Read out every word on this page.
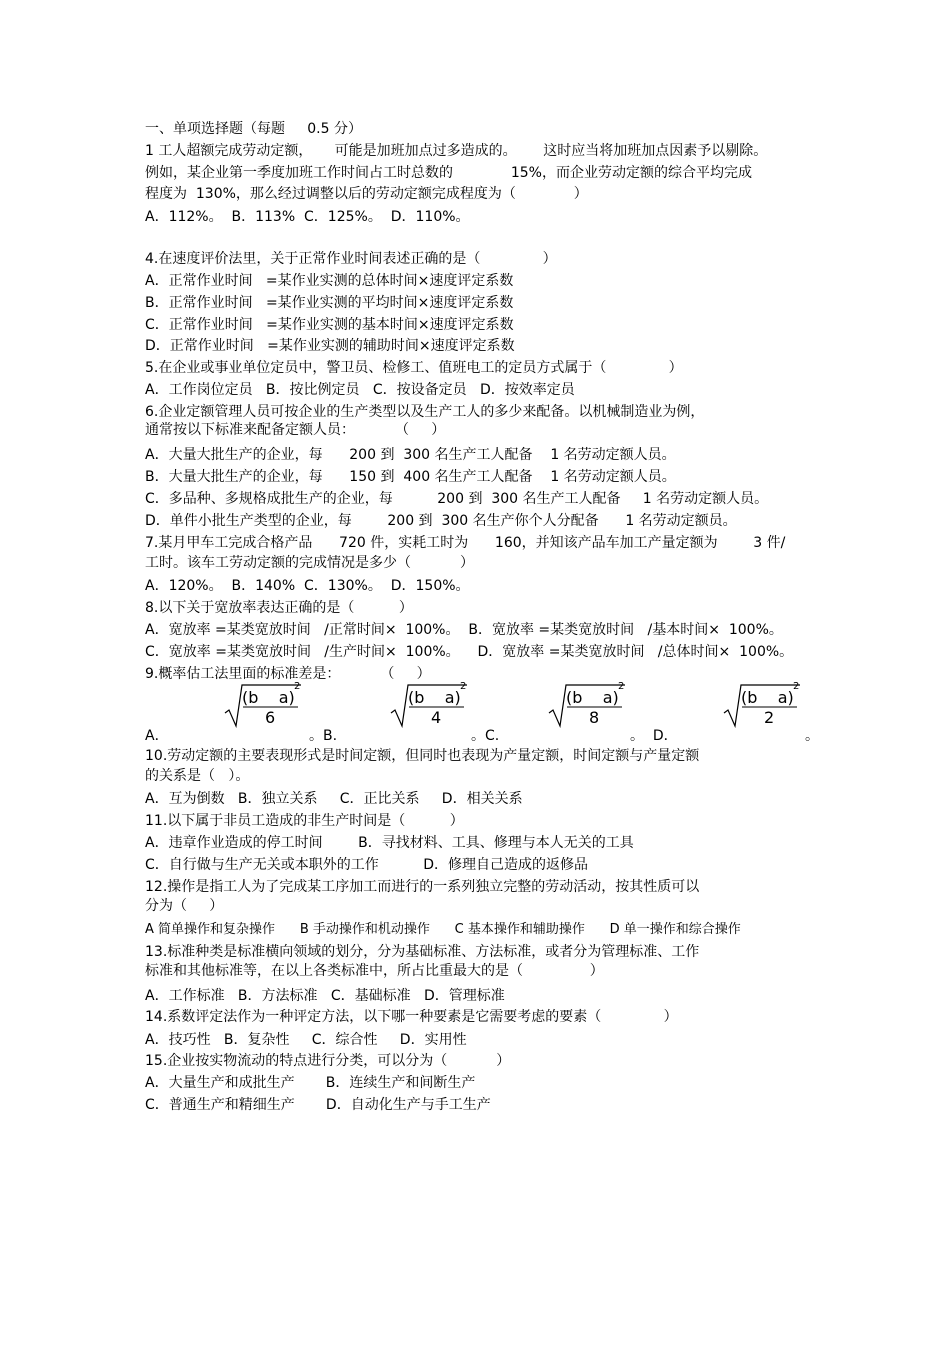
一、单项选择题（每题     0.5 分）
1 工人超额完成劳动定额，     可能是加班加点过多造成的。      这时应当将加班加点因素予以剔除。
例如，某企业第一季度加班工作时间占工时总数的             15%，而企业劳动定额的综合平均完成
程度为  130%，那么经过调整以后的劳动定额完成程度为（             ）
A．112%。  B．113%  C．125%。  D．110%。
4.在速度评价法里，关于正常作业时间表述正确的是（              ）
A．正常作业时间   =某作业实测的总体时间×速度评定系数
B．正常作业时间   =某作业实测的平均时间×速度评定系数
C．正常作业时间   =某作业实测的基本时间×速度评定系数
D．正常作业时间   =某作业实测的辅助时间×速度评定系数
5.在企业或事业单位定员中，警卫员、检修工、值班电工的定员方式属于（              ）
A．工作岗位定员   B．按比例定员   C．按设备定员   D．按效率定员
6.企业定额管理人员可按企业的生产类型以及生产工人的多少来配备。以机械制造业为例，
通常按以下标准来配备定额人员：         （     ）
A．大量大批生产的企业，每      200 到  300 名生产工人配备    1 名劳动定额人员。
B．大量大批生产的企业，每      150 到  400 名生产工人配备    1 名劳动定额人员。
C．多品种、多规格成批生产的企业，每          200 到  300 名生产工人配备     1 名劳动定额人员。
D．单件小批生产类型的企业，每        200 到  300 名生产你个人分配备      1 名劳动定额员。
7.某月甲车工完成合格产品      720 件，实耗工时为      160，并知该产品车加工产量定额为        3 件/
工时。该车工劳动定额的完成情况是多少（           ）
A．120%。  B．140%  C．130%。  D．150%。
8.以下关于宽放率表达正确的是（          ）
A．宽放率 =某类宽放时间   /正常时间×  100%。  B．宽放率 =某类宽放时间   /基本时间×  100%。
C．宽放率 =某类宽放时间   /生产时间×  100%。    D．宽放率 =某类宽放时间   /总体时间×  100%。
9.概率估工法里面的标准差是：         （     ）
A．
(b    a)
2
6
。B.
(b    a)
2
4
。C.
(b    a)
2
8
。  D．
(b    a)
2
2
。
10.劳动定额的主要表现形式是时间定额，但同时也表现为产量定额，时间定额与产量定额
的关系是（   ）。
A．互为倒数   B．独立关系     C．正比关系     D．相关关系
11.以下属于非员工造成的非生产时间是（          ）
A．违章作业造成的停工时间        B．寻找材料、工具、修理与本人无关的工具
C．自行做与生产无关或本职外的工作          D．修理自己造成的返修品
12.操作是指工人为了完成某工序加工而进行的一系列独立完整的劳动活动，按其性质可以
分为（     ）
A 简单操作和复杂操作      B 手动操作和机动操作      C 基本操作和辅助操作      D 单一操作和综合操作
13.标准种类是标准横向领域的划分，分为基础标准、方法标准，或者分为管理标准、工作
标准和其他标准等，在以上各类标准中，所占比重最大的是（               ）
A．工作标准   B．方法标准   C．基础标准   D．管理标准
14.系数评定法作为一种评定方法，以下哪一种要素是它需要考虑的要素（              ）
A．技巧性   B．复杂性     C．综合性     D．实用性
15.企业按实物流动的特点进行分类，可以分为（           ）
A．大量生产和成批生产       B．连续生产和间断生产
C．普通生产和精细生产       D．自动化生产与手工生产
